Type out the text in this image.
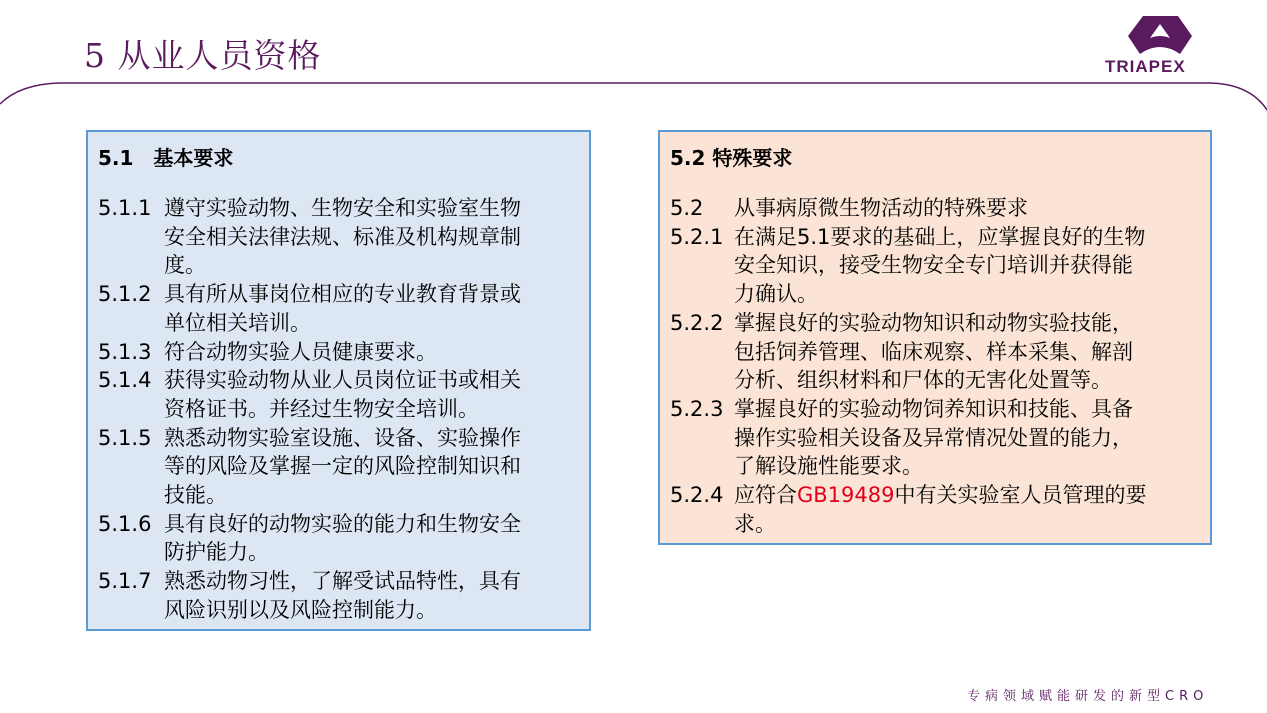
5 从业人员资格	TRIAPEX
5.1　基本要求
5.1.1 遵守实验动物、生物安全和实验室生物
安全相关法律法规、标准及机构规章制
度。
5.1.2 具有所从事岗位相应的专业教育背景或
单位相关培训。
5.1.3 符合动物实验人员健康要求。
5.1.4 获得实验动物从业人员岗位证书或相关
资格证书。并经过生物安全培训。
5.1.5 熟悉动物实验室设施、设备、实验操作
等的风险及掌握一定的风险控制知识和
技能。
5.1.6 具有良好的动物实验的能力和生物安全
防护能力。
5.1.7 熟悉动物习性，了解受试品特性，具有
风险识别以及风险控制能力。
5.2 特殊要求
5.2	从事病原微生物活动的特殊要求
5.2.1 在满足5.1要求的基础上，应掌握良好的生物
安全知识，接受生物安全专门培训并获得能
力确认。
5.2.2 掌握良好的实验动物知识和动物实验技能，
包括饲养管理、临床观察、样本采集、解剖
分析、组织材料和尸体的无害化处置等。
5.2.3 掌握良好的实验动物饲养知识和技能、具备
操作实验相关设备及异常情况处置的能力，
了解设施性能要求。
5.2.4 应符合GB19489中有关实验室人员管理的要
求。
专病领域赋能研发的新型CRO
